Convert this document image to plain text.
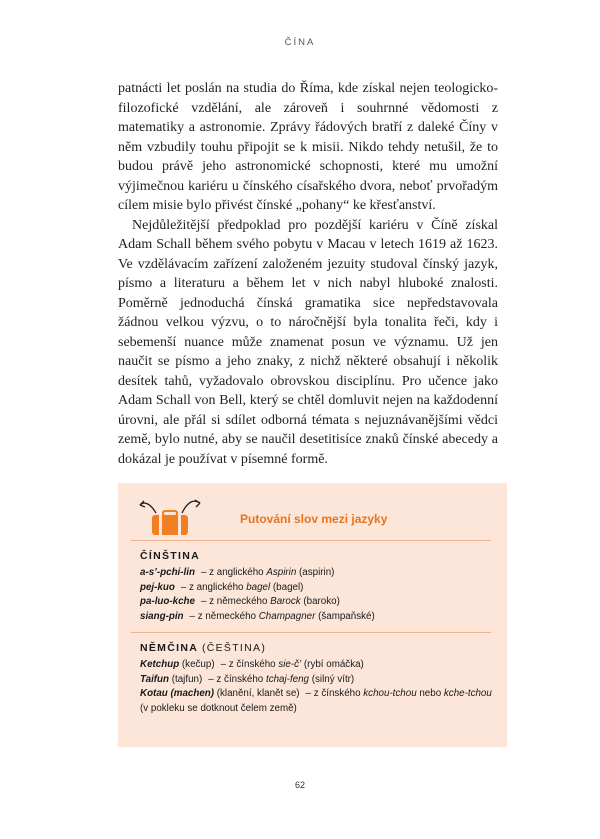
ČÍNA

patnácti let poslán na studia do Říma, kde získal nejen teologicko-filozofické vzdělání, ale zároveň i souhrnné vědomosti z matematiky a astronomie. Zprávy řádových bratří z daleké Číny v něm vzbudily touhu připojit se k misii. Nikdo tehdy netušil, že to budou právě jeho astronomické schopnosti, které mu umožní výjimečnou kariéru u čínského císařského dvora, neboť prvořadým cílem misie bylo přivést čínské „pohany“ ke křesťanství.

Nejdůležitější předpoklad pro pozdější kariéru v Číně získal Adam Schall během svého pobytu v Macau v letech 1619 až 1623. Ve vzdělávacím zařízení založeném jezuity studoval čínský jazyk, písmo a literaturu a během let v nich nabyl hluboké znalosti. Poměrně jednoduchá čínská gramatika sice nepředstavovala žádnou velkou výzvu, o to náročnější byla tonalita řeči, kdy i sebemenší nuance může znamenat posun ve významu. Už jen naučit se písmo a jeho znaky, z nichž některé obsahují i několik desítek tahů, vyžadovalo obrovskou disciplínu. Pro učence jako Adam Schall von Bell, který se chtěl domluvit nejen na každodenní úrovni, ale přál si sdílet odborná témata s nejuznávanějšími vědci země, bylo nutné, aby se naučil desetitisíce znaků čínské abecedy a dokázal je používat v písemné formě.

Putování slov mezi jazyky
ČÍNŠTINA
a-s’-pchi-lin – z anglického Aspirin (aspirin)
pej-kuo – z anglického bagel (bagel)
pa-luo-kche – z německého Barock (baroko)
siang-pin – z německého Champagner (šampaňské)
NĚMČINA (ČEŠTINA)
Ketchup (kečup) – z čínského sie-č’ (rybí omáčka)
Taifun (tajfun) – z čínského tchaj-feng (silný vítr)
Kotau (machen) (klanění, klanět se) – z čínského kchou-tchou nebo kche-tchou (v pokleku se dotknout čelem země)
62
